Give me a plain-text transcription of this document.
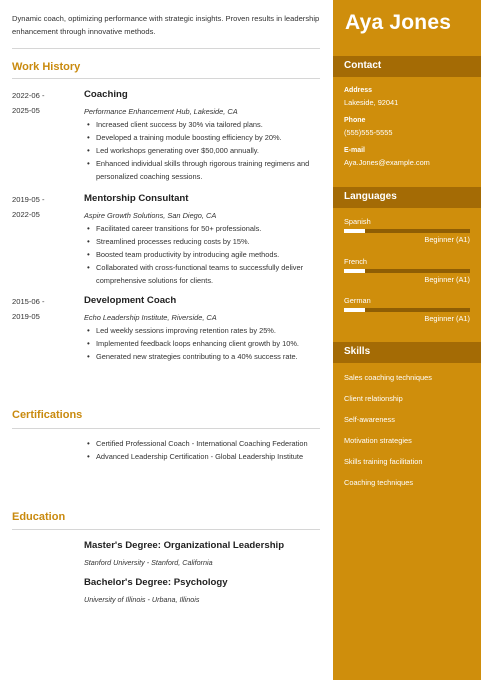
Dynamic coach, optimizing performance with strategic insights. Proven results in leadership enhancement through innovative methods.
Work History
2022-06 -
2025-05
Coaching
Performance Enhancement Hub, Lakeside, CA
• Increased client success by 30% via tailored plans.
• Developed a training module boosting efficiency by 20%.
• Led workshops generating over $50,000 annually.
• Enhanced individual skills through rigorous training regimens and personalized coaching sessions.
2019-05 -
2022-05
Mentorship Consultant
Aspire Growth Solutions, San Diego, CA
• Facilitated career transitions for 50+ professionals.
• Streamlined processes reducing costs by 15%.
• Boosted team productivity by introducing agile methods.
• Collaborated with cross-functional teams to successfully deliver comprehensive solutions for clients.
2015-06 -
2019-05
Development Coach
Echo Leadership Institute, Riverside, CA
• Led weekly sessions improving retention rates by 25%.
• Implemented feedback loops enhancing client growth by 10%.
• Generated new strategies contributing to a 40% success rate.
Certifications
• Certified Professional Coach - International Coaching Federation
• Advanced Leadership Certification - Global Leadership Institute
Education
Master's Degree: Organizational Leadership
Stanford University - Stanford, California
Bachelor's Degree: Psychology
University of Illinois - Urbana, Illinois
Aya Jones
Contact
Address
Lakeside, 92041
Phone
(555)555-5555
E-mail
Aya.Jones@example.com
Languages
Spanish
Beginner (A1)
French
Beginner (A1)
German
Beginner (A1)
Skills
Sales coaching techniques
Client relationship
Self-awareness
Motivation strategies
Skills training facilitation
Coaching techniques
